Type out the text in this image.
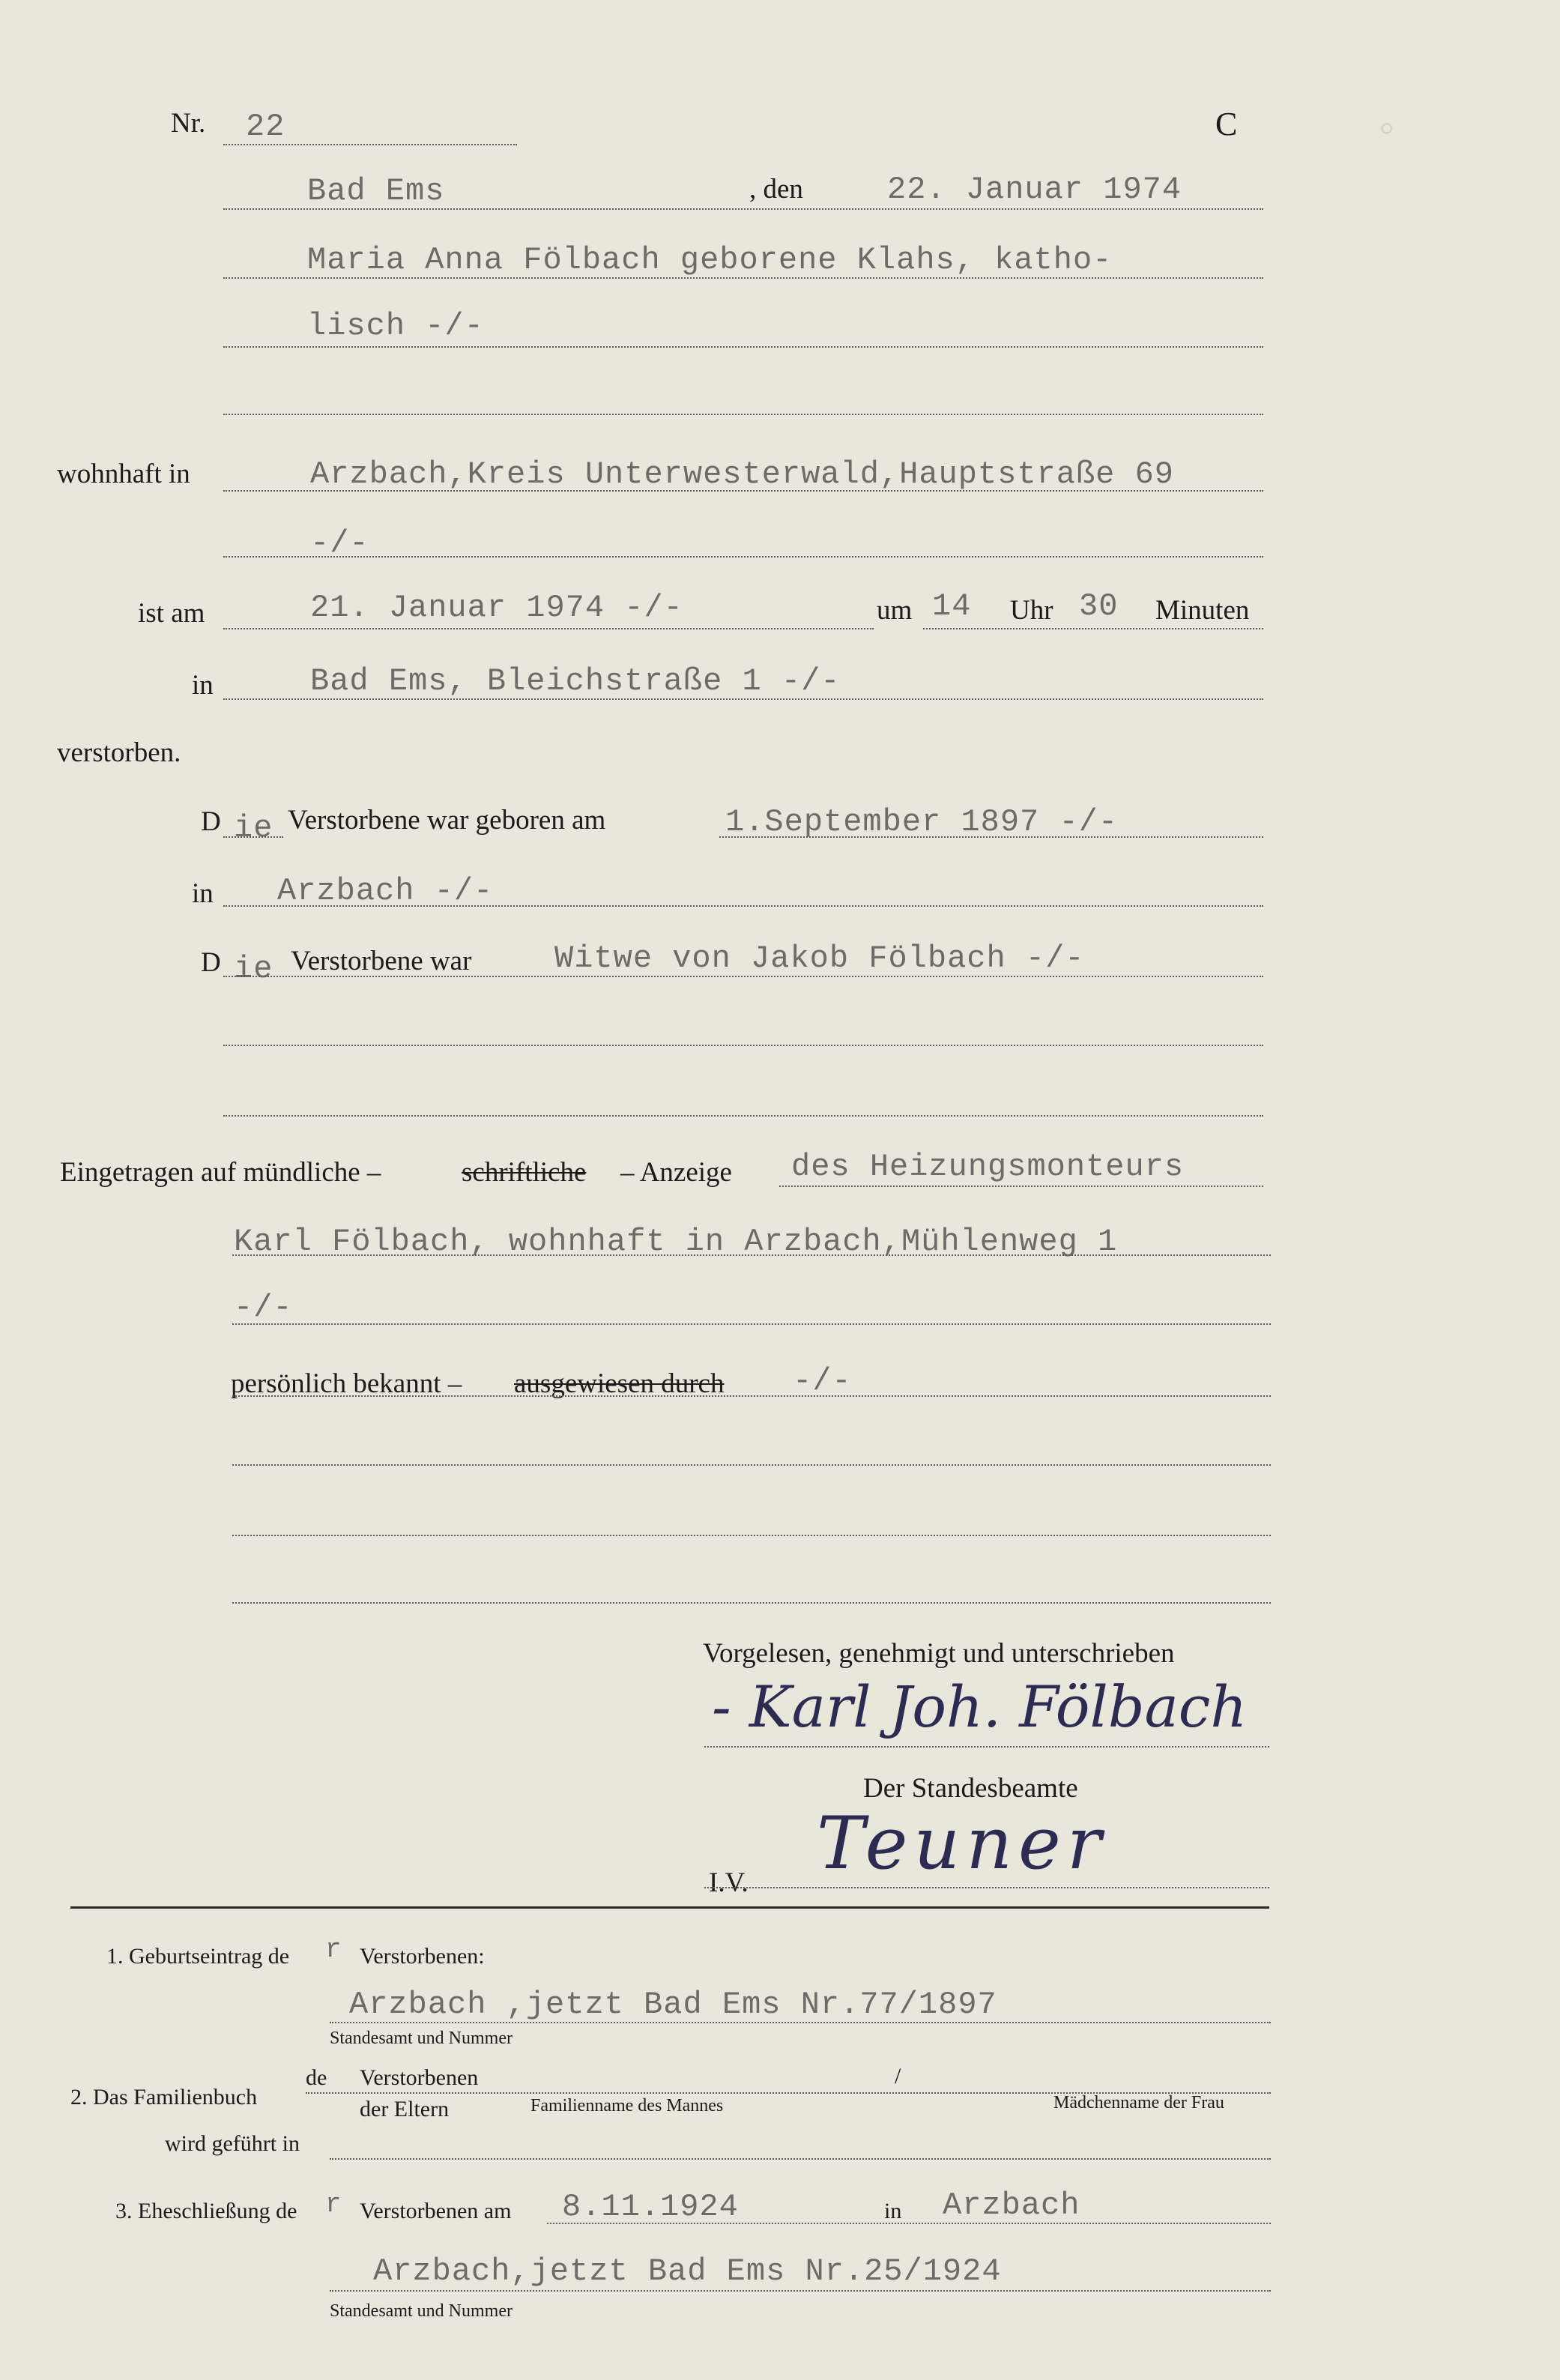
◦
Nr. 22	C
Bad Ems	, den	22. Januar 1974
Maria Anna Fölbach geborene Klahs, katho-
lisch -/-
wohnhaft in	Arzbach,Kreis Unterwesterwald,Hauptstraße 69
-/-
ist am	21. Januar 1974 -/-	um 14 Uhr 30 Minuten
in	Bad Ems, Bleichstraße 1 -/-
verstorben.
D ie Verstorbene war geboren am	1.September 1897 -/-
in Arzbach -/-
D ie Verstorbene war	Witwe von Jakob Fölbach -/-
Eingetragen auf mündliche –	schriftliche – Anzeige des Heizungsmonteurs
Karl Fölbach, wohnhaft in Arzbach,Mühlenweg 1
-/-
persönlich bekannt – ausgewiesen durch -/-
Vorgelesen, genehmigt und unterschrieben
- Karl Joh. Fölbach
Der Standesbeamte
I.V. Teuner
1. Geburtseintrag de r Verstorbenen:
Arzbach ,jetzt Bad Ems Nr.77/1897
Standesamt und Nummer
de Verstorbenen	/
2. Das Familienbuch	der Eltern	Familienname des Mannes	Mädchenname der Frau
wird geführt in
3. Eheschließung de r Verstorbenen am 8.11.1924	in Arzbach
Arzbach,jetzt Bad Ems Nr.25/1924
Standesamt und Nummer
